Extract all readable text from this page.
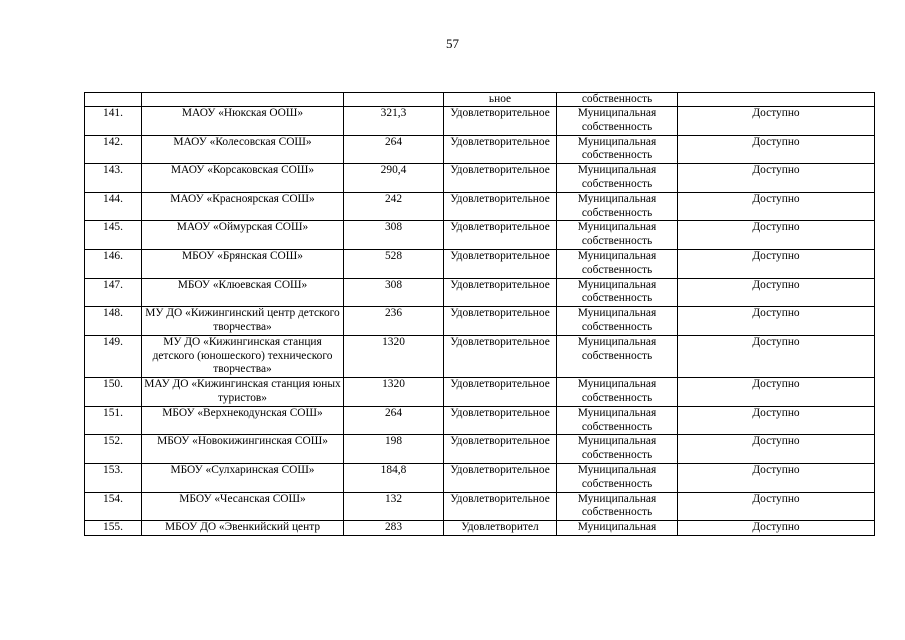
57
			ьное	собственность	
141.	МАОУ «Нюкская ООШ»	321,3	Удовлетворительное	Муниципальная собственность	Доступно
142.	МАОУ «Колесовская СОШ»	264	Удовлетворительное	Муниципальная собственность	Доступно
143.	МАОУ «Корсаковская СОШ»	290,4	Удовлетворительное	Муниципальная собственность	Доступно
144.	МАОУ «Красноярская СОШ»	242	Удовлетворительное	Муниципальная собственность	Доступно
145.	МАОУ «Оймурская СОШ»	308	Удовлетворительное	Муниципальная собственность	Доступно
146.	МБОУ «Брянская СОШ»	528	Удовлетворительное	Муниципальная собственность	Доступно
147.	МБОУ «Клюевская СОШ»	308	Удовлетворительное	Муниципальная собственность	Доступно
148.	МУ ДО «Кижингинский центр детского творчества»	236	Удовлетворительное	Муниципальная собственность	Доступно
149.	МУ ДО «Кижингинская станция детского (юношеского) технического творчества»	1320	Удовлетворительное	Муниципальная собственность	Доступно
150.	МАУ ДО «Кижингинская станция юных туристов»	1320	Удовлетворительное	Муниципальная собственность	Доступно
151.	МБОУ «Верхнекодунская СОШ»	264	Удовлетворительное	Муниципальная собственность	Доступно
152.	МБОУ «Новокижингинская СОШ»	198	Удовлетворительное	Муниципальная собственность	Доступно
153.	МБОУ «Сулхаринская СОШ»	184,8	Удовлетворительное	Муниципальная собственность	Доступно
154.	МБОУ «Чесанская СОШ»	132	Удовлетворительное	Муниципальная собственность	Доступно
155.	МБОУ ДО «Эвенкийский центр	283	Удовлетворител	Муниципальная	Доступно
